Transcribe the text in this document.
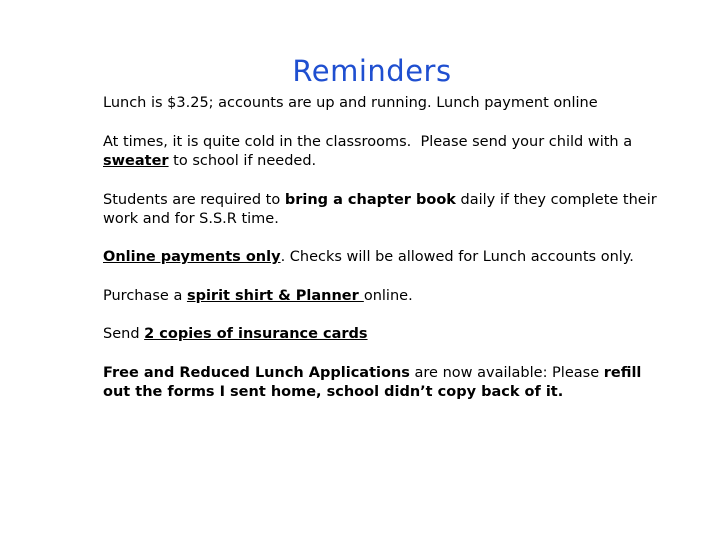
Reminders

Lunch is $3.25; accounts are up and running. Lunch payment online

At times, it is quite cold in the classrooms.  Please send your child with a sweater to school if needed.

Students are required to bring a chapter book daily if they complete their work and for S.S.R time.

Online payments only. Checks will be allowed for Lunch accounts only.

Purchase a spirit shirt & Planner online.

Send 2 copies of insurance cards

Free and Reduced Lunch Applications are now available: Please refill out the forms I sent home, school didn’t copy back of it.
